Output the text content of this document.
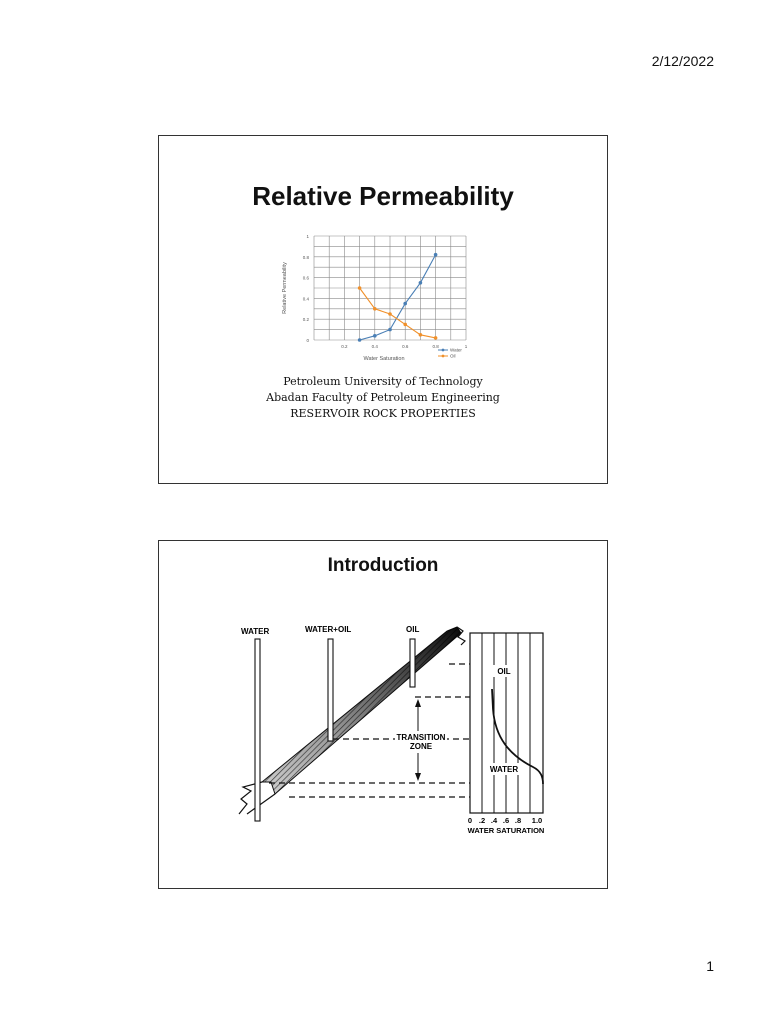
2/12/2022
Relative Permeability
0
0.2
0.4
0.6
0.8
1
0.2	0.4	0.6	0.8	1
Water Saturation
Relative Permeability
Water
Oil
Petroleum University of Technology
Abadan Faculty of Petroleum Engineering
RESERVOIR ROCK PROPERTIES
Introduction
WATER	WATER+OIL	OIL
TRANSITION
ZONE
OIL
WATER
0 .2 .4 .6 .8 1.0
WATER SATURATION
1
